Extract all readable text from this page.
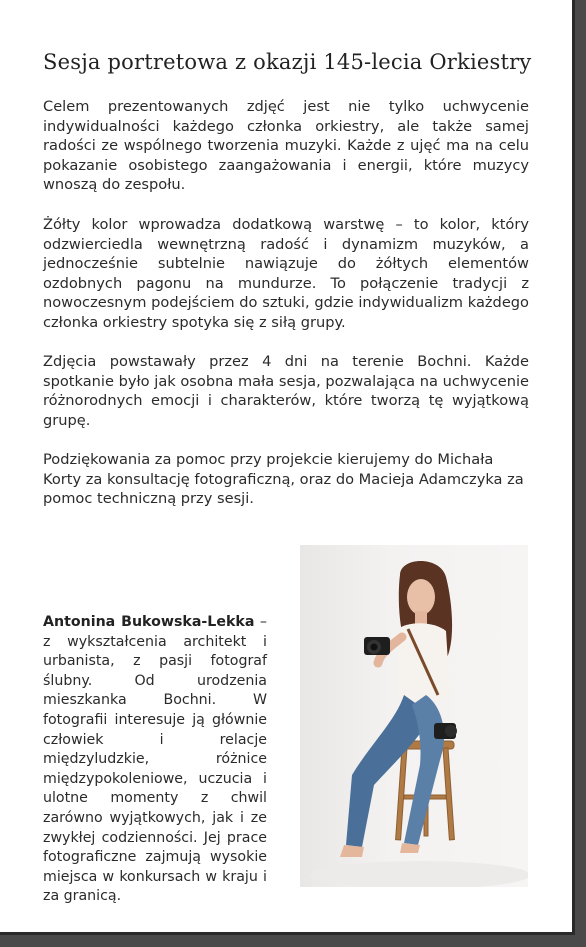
Sesja portretowa z okazji 145-lecia Orkiestry
Celem prezentowanych zdjęć jest nie tylko uchwycenie indywidualności każdego członka orkiestry, ale także samej radości ze wspólnego tworzenia muzyki. Każde z ujęć ma na celu pokazanie osobistego zaangażowania i energii, które muzycy wnoszą do zespołu.
Żółty kolor wprowadza dodatkową warstwę – to kolor, który odzwierciedla wewnętrzną radość i dynamizm muzyków, a jednocześnie subtelnie nawiązuje do żółtych elementów ozdobnych pagonu na mundurze. To połączenie tradycji z nowoczesnym podejściem do sztuki, gdzie indywidualizm każdego członka orkiestry spotyka się z siłą grupy.
Zdjęcia powstawały przez 4 dni na terenie Bochni. Każde spotkanie było jak osobna mała sesja, pozwalająca na uchwycenie różnorodnych emocji i charakterów, które tworzą tę wyjątkową grupę.
Podziękowania za pomoc przy projekcie kierujemy do Michała Korty za konsultację fotograficzną, oraz do Macieja Adamczyka za pomoc techniczną przy sesji.
Antonina Bukowska-Lekka – z wykształcenia architekt i urbanista, z pasji fotograf ślubny. Od urodzenia mieszkanka Bochni. W fotografii interesuje ją głównie człowiek i relacje międzyludzkie, różnice międzypokoleniowe, uczucia i ulotne momenty z chwil zarówno wyjątkowych, jak i ze zwykłej codzienności. Jej prace fotograficzne zajmują wysokie miejsca w konkursach w kraju i za granicą.
